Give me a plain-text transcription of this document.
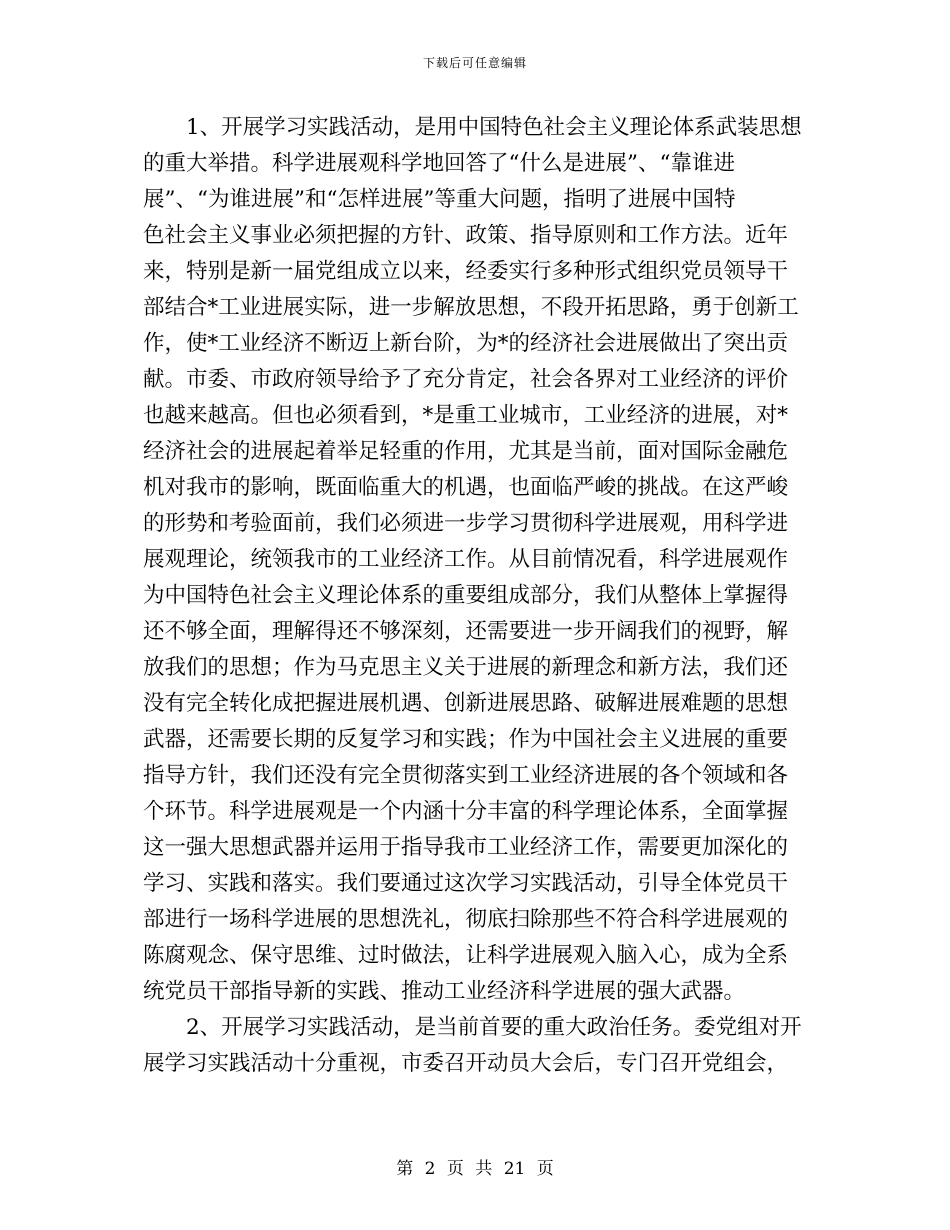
下载后可任意编辑
1、开展学习实践活动，是用中国特色社会主义理论体系武装思想
的重大举措。科学进展观科学地回答了“什么是进展”、“靠谁进
展”、“为谁进展”和“怎样进展”等重大问题，指明了进展中国特
色社会主义事业必须把握的方针、政策、指导原则和工作方法。近年
来，特别是新一届党组成立以来，经委实行多种形式组织党员领导干
部结合*工业进展实际，进一步解放思想，不段开拓思路，勇于创新工
作，使*工业经济不断迈上新台阶，为*的经济社会进展做出了突出贡
献。市委、市政府领导给予了充分肯定，社会各界对工业经济的评价
也越来越高。但也必须看到，*是重工业城市，工业经济的进展，对*
经济社会的进展起着举足轻重的作用，尤其是当前，面对国际金融危
机对我市的影响，既面临重大的机遇，也面临严峻的挑战。在这严峻
的形势和考验面前，我们必须进一步学习贯彻科学进展观，用科学进
展观理论，统领我市的工业经济工作。从目前情况看，科学进展观作
为中国特色社会主义理论体系的重要组成部分，我们从整体上掌握得
还不够全面，理解得还不够深刻，还需要进一步开阔我们的视野，解
放我们的思想；作为马克思主义关于进展的新理念和新方法，我们还
没有完全转化成把握进展机遇、创新进展思路、破解进展难题的思想
武器，还需要长期的反复学习和实践；作为中国社会主义进展的重要
指导方针，我们还没有完全贯彻落实到工业经济进展的各个领域和各
个环节。科学进展观是一个内涵十分丰富的科学理论体系，全面掌握
这一强大思想武器并运用于指导我市工业经济工作，需要更加深化的
学习、实践和落实。我们要通过这次学习实践活动，引导全体党员干
部进行一场科学进展的思想洗礼，彻底扫除那些不符合科学进展观的
陈腐观念、保守思维、过时做法，让科学进展观入脑入心，成为全系
统党员干部指导新的实践、推动工业经济科学进展的强大武器。
2、开展学习实践活动，是当前首要的重大政治任务。委党组对开
展学习实践活动十分重视，市委召开动员大会后，专门召开党组会，
第 2 页 共 21 页
